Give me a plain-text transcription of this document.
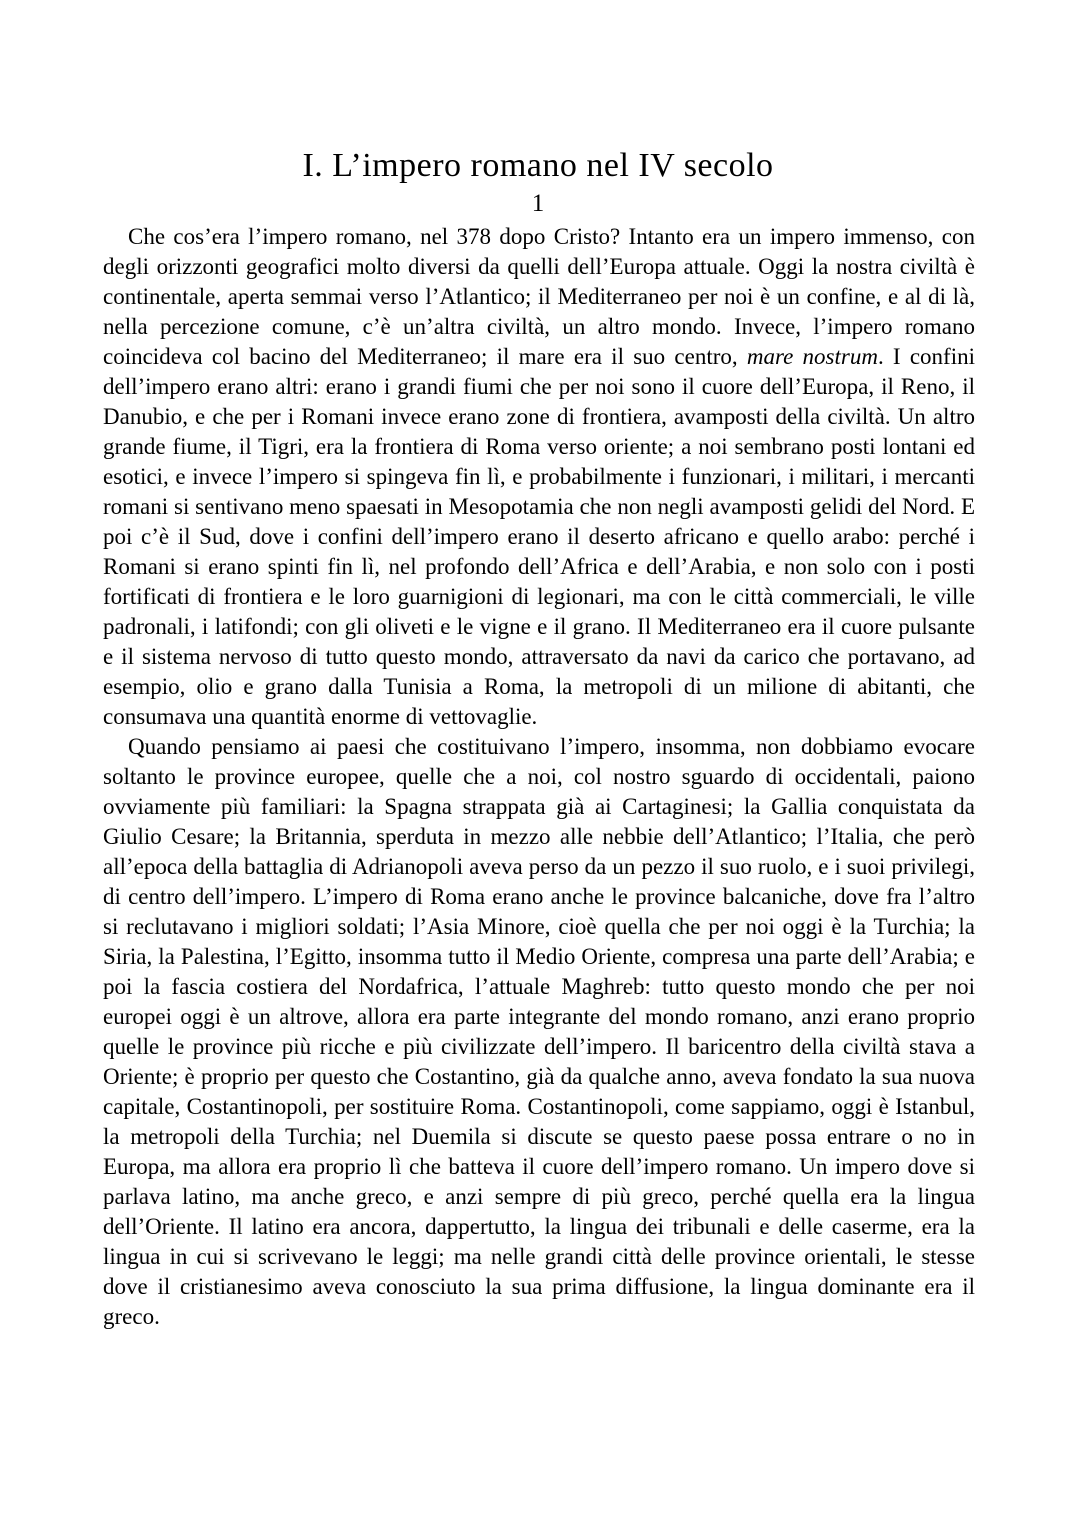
I. L’impero romano nel IV secolo
1

Che cos’era l’impero romano, nel 378 dopo Cristo? Intanto era un impero immenso, con degli orizzonti geografici molto diversi da quelli dell’Europa attuale. Oggi la nostra civiltà è continentale, aperta semmai verso l’Atlantico; il Mediterraneo per noi è un confine, e al di là, nella percezione comune, c’è un’altra civiltà, un altro mondo. Invece, l’impero romano coincideva col bacino del Mediterraneo; il mare era il suo centro, mare nostrum. I confini dell’impero erano altri: erano i grandi fiumi che per noi sono il cuore dell’Europa, il Reno, il Danubio, e che per i Romani invece erano zone di frontiera, avamposti della civiltà. Un altro grande fiume, il Tigri, era la frontiera di Roma verso oriente; a noi sembrano posti lontani ed esotici, e invece l’impero si spingeva fin lì, e probabilmente i funzionari, i militari, i mercanti romani si sentivano meno spaesati in Mesopotamia che non negli avamposti gelidi del Nord. E poi c’è il Sud, dove i confini dell’impero erano il deserto africano e quello arabo: perché i Romani si erano spinti fin lì, nel profondo dell’Africa e dell’Arabia, e non solo con i posti fortificati di frontiera e le loro guarnigioni di legionari, ma con le città commerciali, le ville padronali, i latifondi; con gli oliveti e le vigne e il grano. Il Mediterraneo era il cuore pulsante e il sistema nervoso di tutto questo mondo, attraversato da navi da carico che portavano, ad esempio, olio e grano dalla Tunisia a Roma, la metropoli di un milione di abitanti, che consumava una quantità enorme di vettovaglie.

Quando pensiamo ai paesi che costituivano l’impero, insomma, non dobbiamo evocare soltanto le province europee, quelle che a noi, col nostro sguardo di occidentali, paiono ovviamente più familiari: la Spagna strappata già ai Cartaginesi; la Gallia conquistata da Giulio Cesare; la Britannia, sperduta in mezzo alle nebbie dell’Atlantico; l’Italia, che però all’epoca della battaglia di Adrianopoli aveva perso da un pezzo il suo ruolo, e i suoi privilegi, di centro dell’impero. L’impero di Roma erano anche le province balcaniche, dove fra l’altro si reclutavano i migliori soldati; l’Asia Minore, cioè quella che per noi oggi è la Turchia; la Siria, la Palestina, l’Egitto, insomma tutto il Medio Oriente, compresa una parte dell’Arabia; e poi la fascia costiera del Nordafrica, l’attuale Maghreb: tutto questo mondo che per noi europei oggi è un altrove, allora era parte integrante del mondo romano, anzi erano proprio quelle le province più ricche e più civilizzate dell’impero. Il baricentro della civiltà stava a Oriente; è proprio per questo che Costantino, già da qualche anno, aveva fondato la sua nuova capitale, Costantinopoli, per sostituire Roma. Costantinopoli, come sappiamo, oggi è Istanbul, la metropoli della Turchia; nel Duemila si discute se questo paese possa entrare o no in Europa, ma allora era proprio lì che batteva il cuore dell’impero romano. Un impero dove si parlava latino, ma anche greco, e anzi sempre di più greco, perché quella era la lingua dell’Oriente. Il latino era ancora, dappertutto, la lingua dei tribunali e delle caserme, era la lingua in cui si scrivevano le leggi; ma nelle grandi città delle province orientali, le stesse dove il cristianesimo aveva conosciuto la sua prima diffusione, la lingua dominante era il greco.
